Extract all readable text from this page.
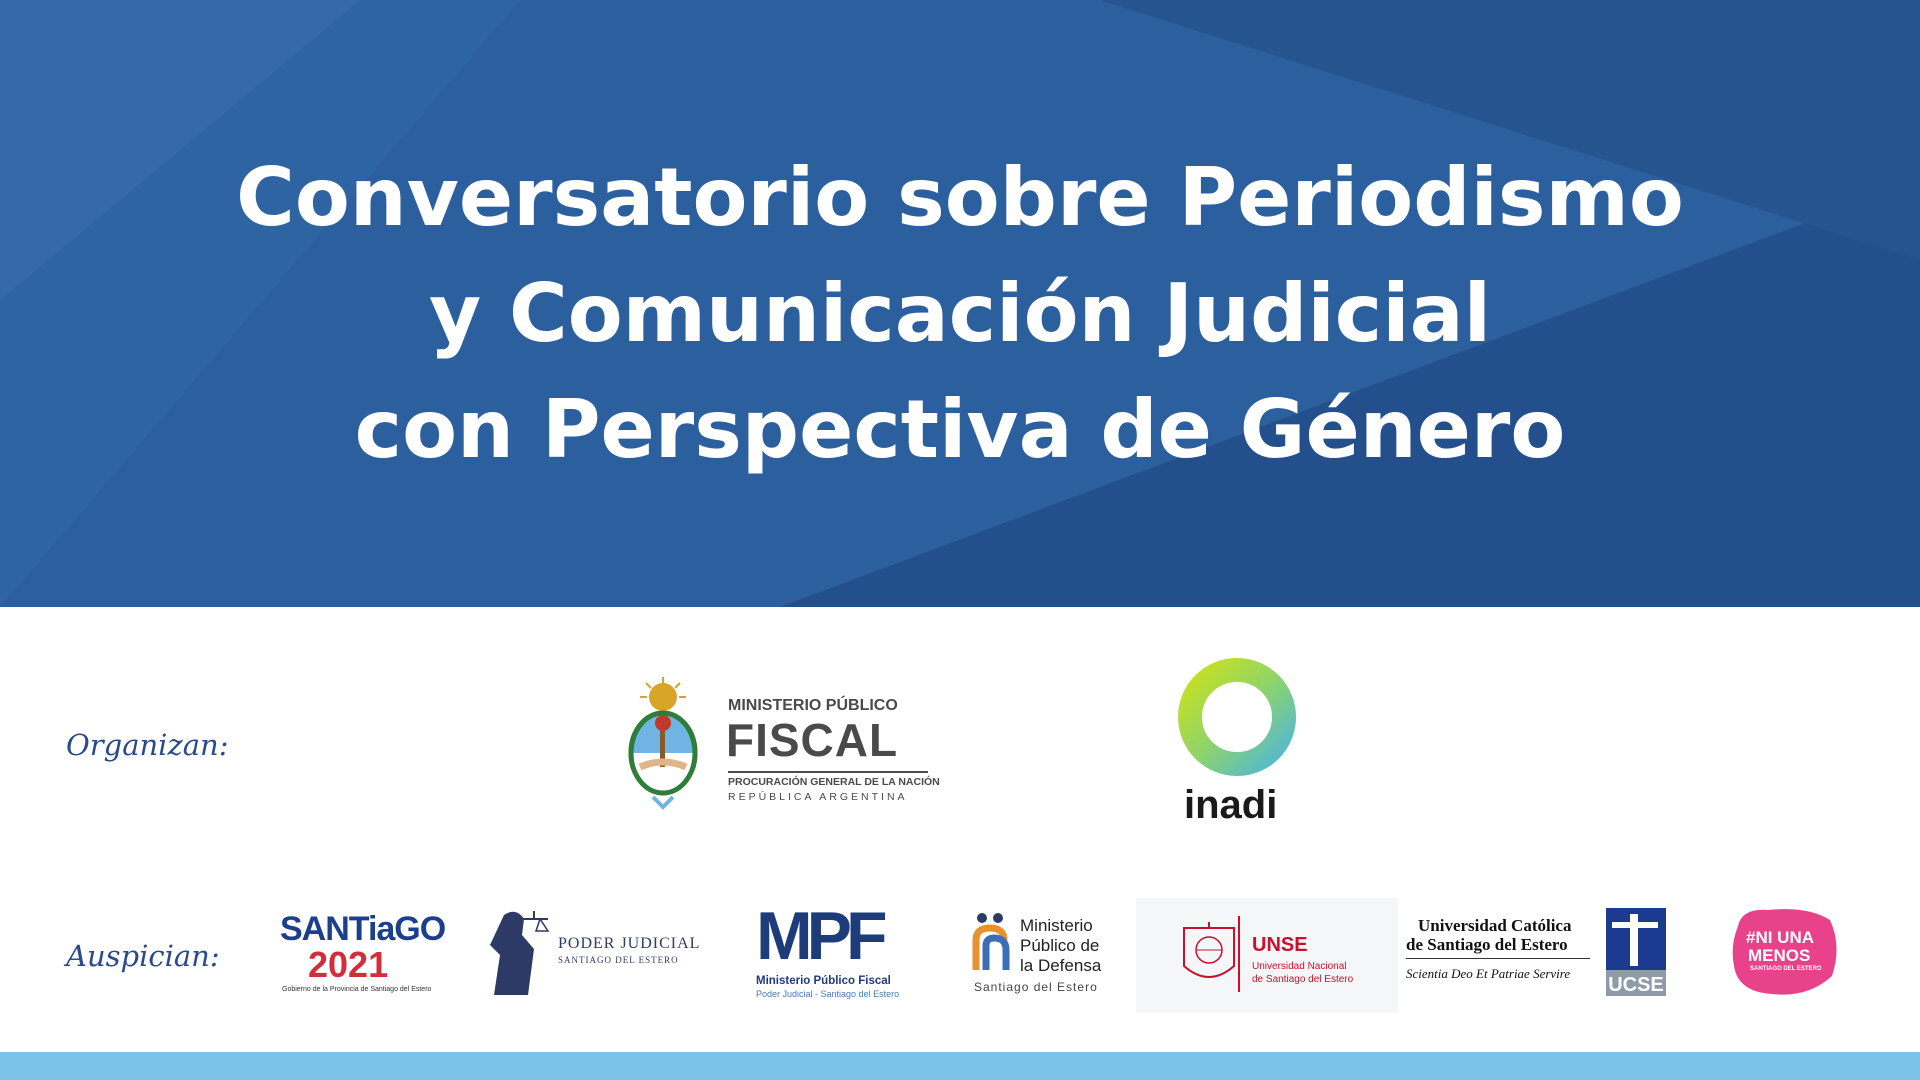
Conversatorio sobre Periodismo
y Comunicación Judicial
con Perspectiva de Género
Organizan:
MINISTERIO PÚBLICO
FISCAL
PROCURACIÓN GENERAL DE LA NACIÓN
REPÚBLICA ARGENTINA	inadi
Auspician:
SANTiaGO
2021
Gobierno de la Provincia de Santiago del Estero
PODER JUDICIAL
SANTIAGO DEL ESTERO MPF
Ministerio Público Fiscal
Poder Judicial - Santiago del Estero
Ministerio
Público de
la Defensa
Santiago del Estero
UNSE
Universidad Nacional
de Santiago del Estero
Universidad Católica
de Santiago del Estero
Scientia Deo Et Patriae Servire
UCSE
#NI UNA
MENOS
SANTIAGO DEL ESTERO
